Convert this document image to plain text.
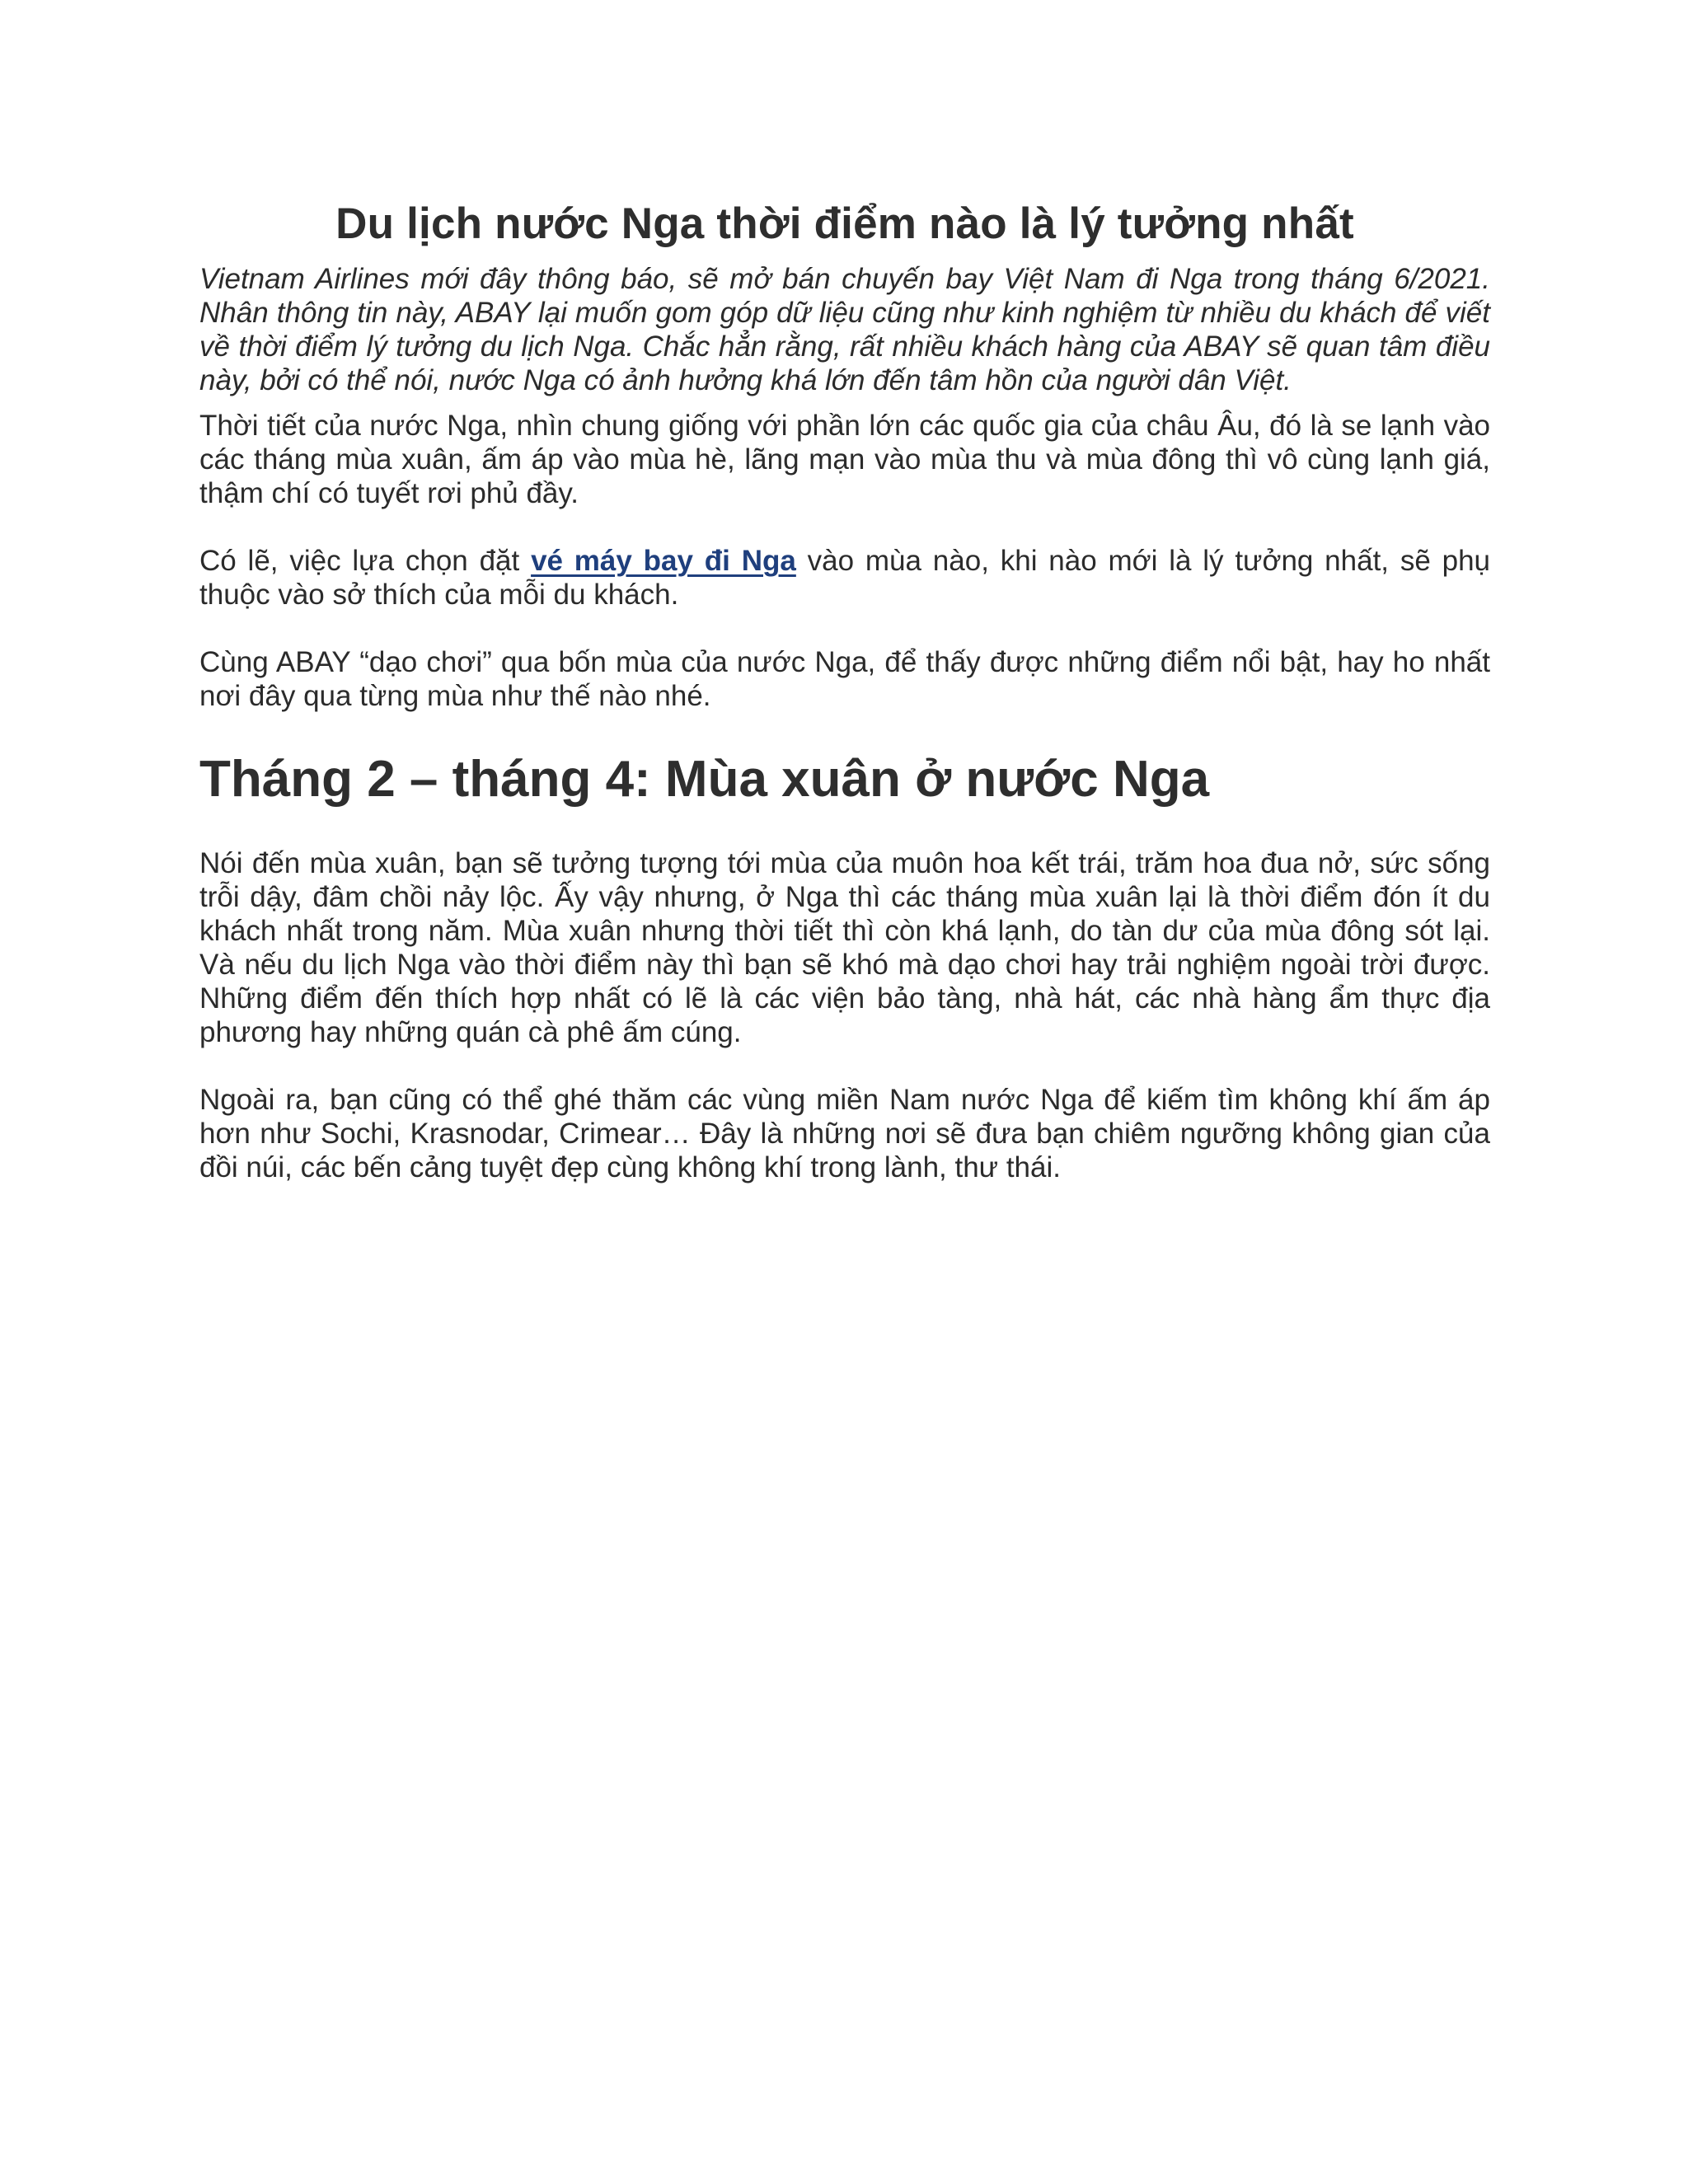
Du lịch nước Nga thời điểm nào là lý tưởng nhất

Vietnam Airlines mới đây thông báo, sẽ mở bán chuyến bay Việt Nam đi Nga trong tháng 6/2021. Nhân thông tin này, ABAY lại muốn gom góp dữ liệu cũng như kinh nghiệm từ nhiều du khách để viết về thời điểm lý tưởng du lịch Nga. Chắc hẳn rằng, rất nhiều khách hàng của ABAY sẽ quan tâm điều này, bởi có thể nói, nước Nga có ảnh hưởng khá lớn đến tâm hồn của người dân Việt.

Thời tiết của nước Nga, nhìn chung giống với phần lớn các quốc gia của châu Âu, đó là se lạnh vào các tháng mùa xuân, ấm áp vào mùa hè, lãng mạn vào mùa thu và mùa đông thì vô cùng lạnh giá, thậm chí có tuyết rơi phủ đầy.

Có lẽ, việc lựa chọn đặt vé máy bay đi Nga vào mùa nào, khi nào mới là lý tưởng nhất, sẽ phụ thuộc vào sở thích của mỗi du khách.

Cùng ABAY “dạo chơi” qua bốn mùa của nước Nga, để thấy được những điểm nổi bật, hay ho nhất nơi đây qua từng mùa như thế nào nhé.

Tháng 2 – tháng 4: Mùa xuân ở nước Nga

Nói đến mùa xuân, bạn sẽ tưởng tượng tới mùa của muôn hoa kết trái, trăm hoa đua nở, sức sống trỗi dậy, đâm chồi nảy lộc. Ấy vậy nhưng, ở Nga thì các tháng mùa xuân lại là thời điểm đón ít du khách nhất trong năm. Mùa xuân nhưng thời tiết thì còn khá lạnh, do tàn dư của mùa đông sót lại. Và nếu du lịch Nga vào thời điểm này thì bạn sẽ khó mà dạo chơi hay trải nghiệm ngoài trời được. Những điểm đến thích hợp nhất có lẽ là các viện bảo tàng, nhà hát, các nhà hàng ẩm thực địa phương hay những quán cà phê ấm cúng.

Ngoài ra, bạn cũng có thể ghé thăm các vùng miền Nam nước Nga để kiếm tìm không khí ấm áp hơn như Sochi, Krasnodar, Crimear… Đây là những nơi sẽ đưa bạn chiêm ngưỡng không gian của đồi núi, các bến cảng tuyệt đẹp cùng không khí trong lành, thư thái.
